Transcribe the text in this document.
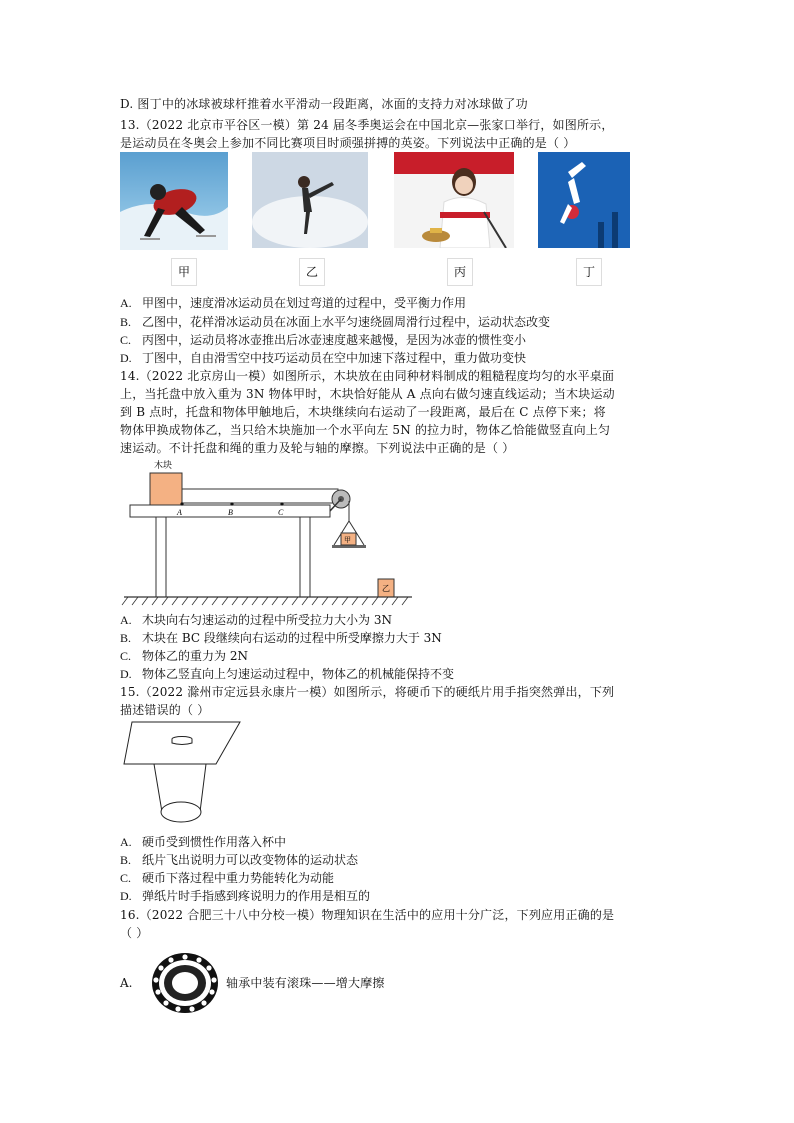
D. 图丁中的冰球被球杆推着水平滑动一段距离，冰面的支持力对冰球做了功
13.（2022 北京市平谷区一模）第 24 届冬季奥运会在中国北京—张家口举行，如图所示，
是运动员在冬奥会上参加不同比赛项目时顽强拼搏的英姿。下列说法中正确的是（ ）
甲	乙	丙	丁
A. 甲图中，速度滑冰运动员在划过弯道的过程中，受平衡力作用
B. 乙图中，花样滑冰运动员在冰面上水平匀速绕圆周滑行过程中，运动状态改变
C. 丙图中，运动员将冰壶推出后冰壶速度越来越慢，是因为冰壶的惯性变小
D. 丁图中，自由滑雪空中技巧运动员在空中加速下落过程中，重力做功变快
14.（2022 北京房山一模）如图所示，木块放在由同种材料制成的粗糙程度均匀的水平桌面
上，当托盘中放入重为 3N 物体甲时，木块恰好能从 A 点向右做匀速直线运动；当木块运动
到 B 点时，托盘和物体甲触地后，木块继续向右运动了一段距离，最后在 C 点停下来；将
物体甲换成物体乙，当只给木块施加一个水平向左 5N 的拉力时，物体乙恰能做竖直向上匀
速运动。不计托盘和绳的重力及轮与轴的摩擦。下列说法中正确的是（ ）
木块
A	B	C
甲
乙
A. 木块向右匀速运动的过程中所受拉力大小为 3N
B. 木块在 BC 段继续向右运动的过程中所受摩擦力大于 3N
C. 物体乙的重力为 2N
D. 物体乙竖直向上匀速运动过程中，物体乙的机械能保持不变
15.（2022 滁州市定远县永康片一模）如图所示，将硬币下的硬纸片用手指突然弹出，下列
描述错误的（ ）
A. 硬币受到惯性作用落入杯中
B. 纸片飞出说明力可以改变物体的运动状态
C. 硬币下落过程中重力势能转化为动能
D. 弹纸片时手指感到疼说明力的作用是相互的
16.（2022 合肥三十八中分校一模）物理知识在生活中的应用十分广泛，下列应用正确的是
（ ）
A.	轴承中装有滚珠——增大摩擦
